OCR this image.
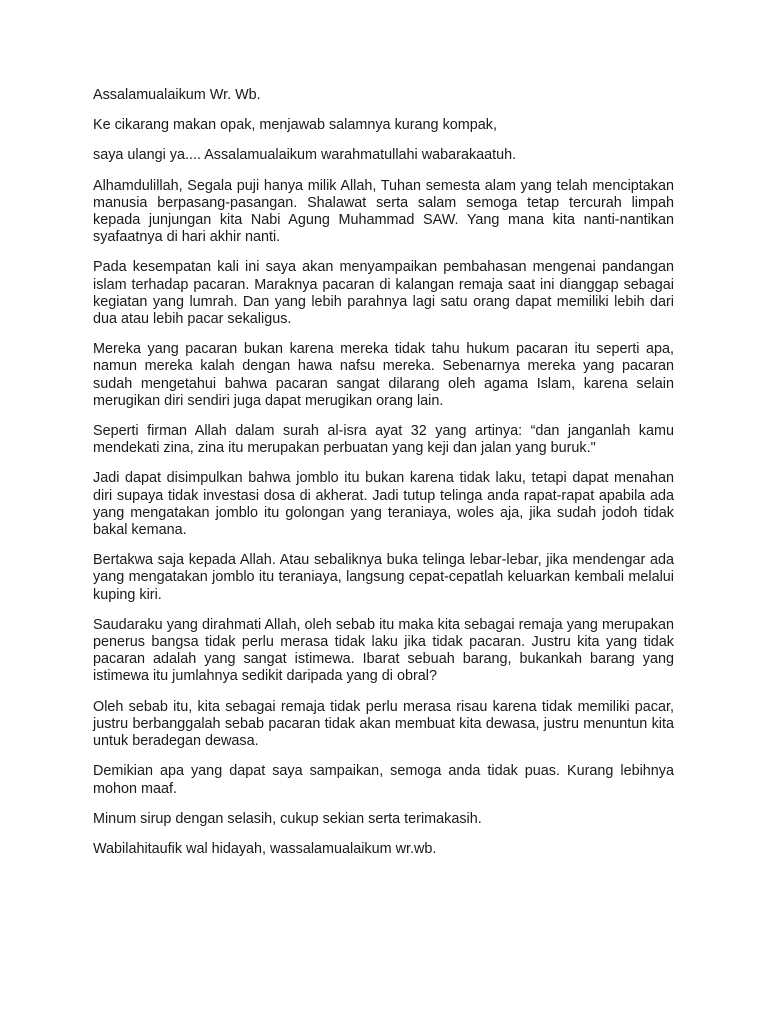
Assalamualaikum Wr. Wb.

Ke cikarang makan opak, menjawab salamnya kurang kompak,

saya ulangi ya.... Assalamualaikum warahmatullahi wabarakaatuh.

Alhamdulillah, Segala puji hanya milik Allah, Tuhan semesta alam yang telah menciptakan manusia berpasang-pasangan. Shalawat serta salam semoga tetap tercurah limpah kepada junjungan kita Nabi Agung Muhammad SAW. Yang mana kita nanti-nantikan syafaatnya di hari akhir nanti.

Pada kesempatan kali ini saya akan menyampaikan pembahasan mengenai pandangan islam terhadap pacaran. Maraknya pacaran di kalangan remaja saat ini dianggap sebagai kegiatan yang lumrah. Dan yang lebih parahnya lagi satu orang dapat memiliki lebih dari dua atau lebih pacar sekaligus.

Mereka yang pacaran bukan karena mereka tidak tahu hukum pacaran itu seperti apa, namun mereka kalah dengan hawa nafsu mereka. Sebenarnya mereka yang pacaran sudah mengetahui bahwa pacaran sangat dilarang oleh agama Islam, karena selain merugikan diri sendiri juga dapat merugikan orang lain.

Seperti firman Allah dalam surah al-isra ayat 32 yang artinya: “dan janganlah kamu mendekati zina, zina itu merupakan perbuatan yang keji dan jalan yang buruk."

Jadi dapat disimpulkan bahwa jomblo itu bukan karena tidak laku, tetapi dapat menahan diri supaya tidak investasi dosa di akherat. Jadi tutup telinga anda rapat-rapat apabila ada yang mengatakan jomblo itu golongan yang teraniaya, woles aja, jika sudah jodoh tidak bakal kemana.

Bertakwa saja kepada Allah. Atau sebaliknya buka telinga lebar-lebar, jika mendengar ada yang mengatakan jomblo itu teraniaya, langsung cepat-cepatlah keluarkan kembali melalui kuping kiri.

Saudaraku yang dirahmati Allah, oleh sebab itu maka kita sebagai remaja yang merupakan penerus bangsa tidak perlu merasa tidak laku jika tidak pacaran. Justru kita yang tidak pacaran adalah yang sangat istimewa. Ibarat sebuah barang, bukankah barang yang istimewa itu jumlahnya sedikit daripada yang di obral?

Oleh sebab itu, kita sebagai remaja tidak perlu merasa risau karena tidak memiliki pacar, justru berbanggalah sebab pacaran tidak akan membuat kita dewasa, justru menuntun kita untuk beradegan dewasa.

Demikian apa yang dapat saya sampaikan, semoga anda tidak puas. Kurang lebihnya mohon maaf.

Minum sirup dengan selasih, cukup sekian serta terimakasih.

Wabilahitaufik wal hidayah, wassalamualaikum wr.wb.
